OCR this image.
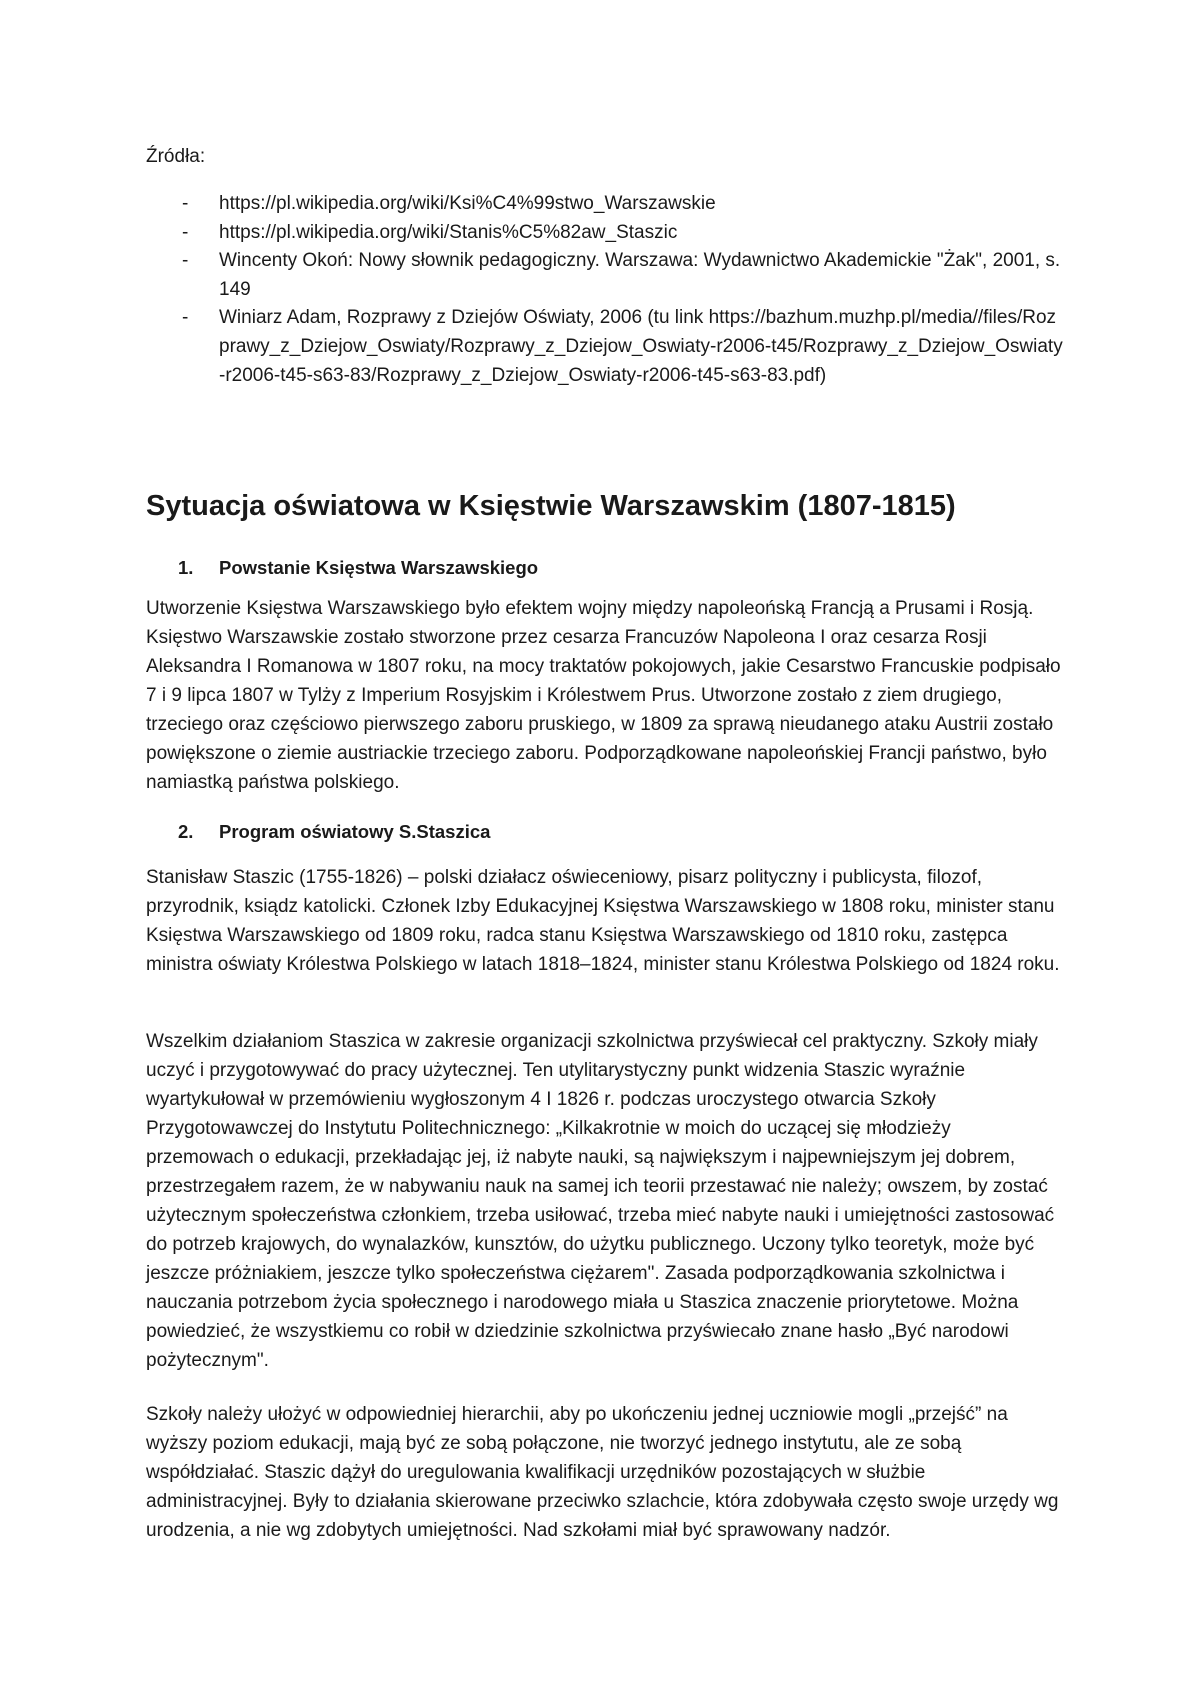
Źródła:
- https://pl.wikipedia.org/wiki/Ksi%C4%99stwo_Warszawskie
- https://pl.wikipedia.org/wiki/Stanis%C5%82aw_Staszic
- Wincenty Okoń: Nowy słownik pedagogiczny. Warszawa: Wydawnictwo Akademickie "Żak", 2001, s. 149
- Winiarz Adam, Rozprawy z Dziejów Oświaty, 2006 (tu link https://bazhum.muzhp.pl/media//files/Rozprawy_z_Dziejow_Oswiaty/Rozprawy_z_Dziejow_Oswiaty-r2006-t45/Rozprawy_z_Dziejow_Oswiaty-r2006-t45-s63-83/Rozprawy_z_Dziejow_Oswiaty-r2006-t45-s63-83.pdf)
Sytuacja oświatowa w Księstwie Warszawskim (1807-1815)
1. Powstanie Księstwa Warszawskiego

Utworzenie Księstwa Warszawskiego było efektem wojny między napoleońską Francją a Prusami i Rosją. Księstwo Warszawskie zostało stworzone przez cesarza Francuzów Napoleona I oraz cesarza Rosji Aleksandra I Romanowa w 1807 roku, na mocy traktatów pokojowych, jakie Cesarstwo Francuskie podpisało 7 i 9 lipca 1807 w Tylży z Imperium Rosyjskim i Królestwem Prus. Utworzone zostało z ziem drugiego, trzeciego oraz częściowo pierwszego zaboru pruskiego, w 1809 za sprawą nieudanego ataku Austrii zostało powiększone o ziemie austriackie trzeciego zaboru. Podporządkowane napoleońskiej Francji państwo, było namiastką państwa polskiego.

2. Program oświatowy S.Staszica

Stanisław Staszic (1755-1826) – polski działacz oświeceniowy, pisarz polityczny i publicysta, filozof, przyrodnik, ksiądz katolicki. Członek Izby Edukacyjnej Księstwa Warszawskiego w 1808 roku, minister stanu Księstwa Warszawskiego od 1809 roku, radca stanu Księstwa Warszawskiego od 1810 roku, zastępca ministra oświaty Królestwa Polskiego w latach 1818–1824, minister stanu Królestwa Polskiego od 1824 roku.

Wszelkim działaniom Staszica w zakresie organizacji szkolnictwa przyświecał cel praktyczny. Szkoły miały uczyć i przygotowywać do pracy użytecznej. Ten utylitarystyczny punkt widzenia Staszic wyraźnie wyartykułował w przemówieniu wygłoszonym 4 I 1826 r. podczas uroczystego otwarcia Szkoły Przygotowawczej do Instytutu Politechnicznego: „Kilkakrotnie w moich do uczącej się młodzieży przemowach o edukacji, przekładając jej, iż nabyte nauki, są największym i najpewniejszym jej dobrem, przestrzegałem razem, że w nabywaniu nauk na samej ich teorii przestawać nie należy; owszem, by zostać użytecznym społeczeństwa członkiem, trzeba usiłować, trzeba mieć nabyte nauki i umiejętności zastosować do potrzeb krajowych, do wynalazków, kunsztów, do użytku publicznego. Uczony tylko teoretyk, może być jeszcze próżniakiem, jeszcze tylko społeczeństwa ciężarem". Zasada podporządkowania szkolnictwa i nauczania potrzebom życia społecznego i narodowego miała u Staszica znaczenie priorytetowe. Można powiedzieć, że wszystkiemu co robił w dziedzinie szkolnictwa przyświecało znane hasło „Być narodowi pożytecznym".

Szkoły należy ułożyć w odpowiedniej hierarchii, aby po ukończeniu jednej uczniowie mogli „przejść” na wyższy poziom edukacji, mają być ze sobą połączone, nie tworzyć jednego instytutu, ale ze sobą współdziałać. Staszic dążył do uregulowania kwalifikacji urzędników pozostających w służbie administracyjnej. Były to działania skierowane przeciwko szlachcie, która zdobywała często swoje urzędy wg urodzenia, a nie wg zdobytych umiejętności. Nad szkołami miał być sprawowany nadzór.
